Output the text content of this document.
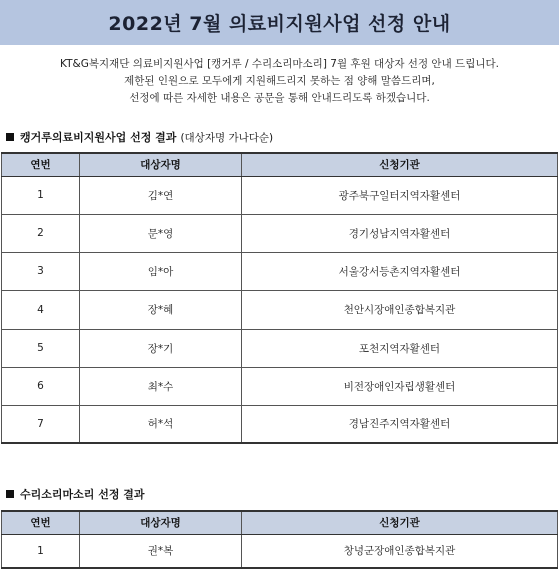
2022년 7월 의료비지원사업 선정 안내
KT&G복지재단 의료비지원사업 [캥거루 / 수리소리마소리] 7월 후원 대상자 선정 안내 드립니다.
제한된 인원으로 모두에게 지원해드리지 못하는 점 양해 말씀드리며,
선정에 따른 자세한 내용은 공문을 통해 안내드리도록 하겠습니다.
캥거루의료비지원사업 선정 결과 (대상자명 가나다순)
연번	대상자명	신청기관
1	김*연	광주북구일터지역자활센터
2	문*영	경기성남지역자활센터
3	임*아	서울강서등촌지역자활센터
4	장*혜	천안시장애인종합복지관
5	장*기	포천지역자활센터
6	최*수	비전장애인자립생활센터
7	허*석	경남진주지역자활센터
수리소리마소리 선정 결과
연번	대상자명	신청기관
1	권*복	창녕군장애인종합복지관
